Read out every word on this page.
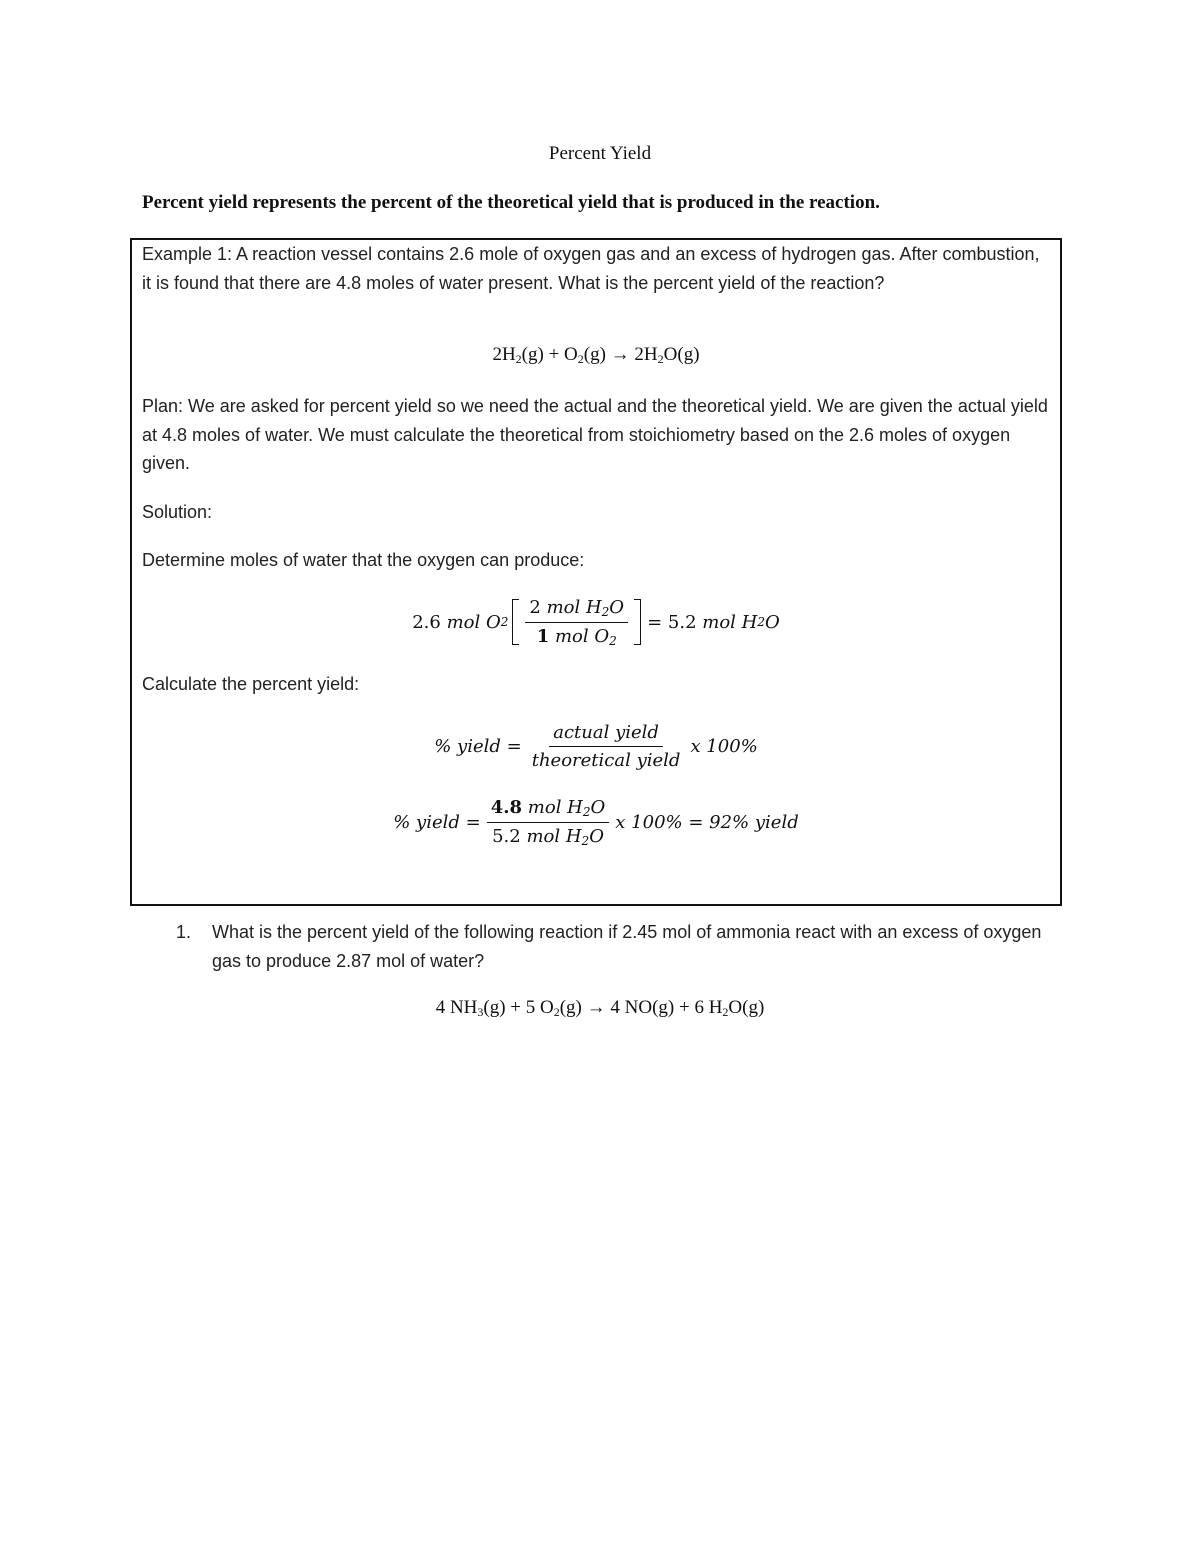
Percent Yield
Percent yield represents the percent of the theoretical yield that is produced in the reaction.
Example 1: A reaction vessel contains 2.6 mole of oxygen gas and an excess of hydrogen gas. After combustion, it is found that there are 4.8 moles of water present. What is the percent yield of the reaction?
$2H_2(g) + O_2(g) \to 2H_2O(g)$
Plan: We are asked for percent yield so we need the actual and the theoretical yield. We are given the actual yield at 4.8 moles of water. We must calculate the theoretical from stoichiometry based on the 2.6 moles of oxygen given.
Solution:
Determine moles of water that the oxygen can produce:
2.6
mol O $2 \frac{2 mol H_2O}{1 mol O_2}$ =
5.2
mol H 2 O
Calculate the percent yield:
% yield = $\frac{\text{actual yield}}{\text{theoretical yield}}$ x 100%
% yield = $\frac{4.8 mol H_2O}{5.2 mol H_2O}$ x 100% = 92% yield
1. What is the percent yield of the following reaction if 2.45 mol of ammonia react with an excess of oxygen gas to produce 2.87 mol of water?
4 $NH_3(g) + 5$ $O_2(g) \to 4$ NO(g) + 6 $H_2O(g)$
